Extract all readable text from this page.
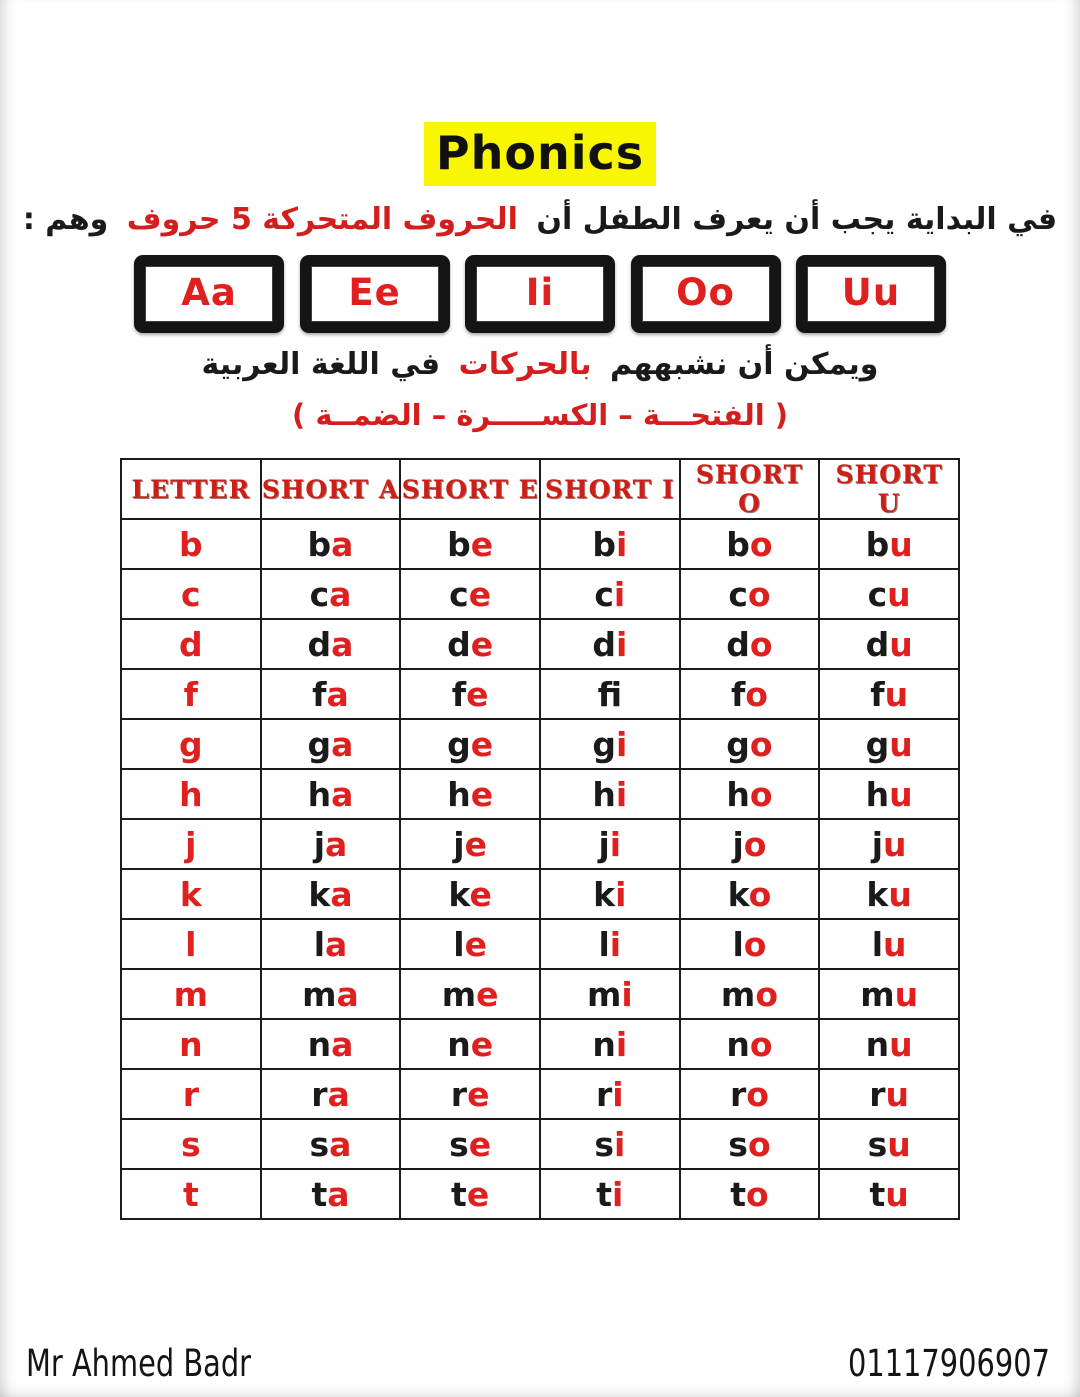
Phonics
في البداية يجب أن يعرف الطفل أن الحروف المتحركة 5 حروف وهم :
Aa	Ee	Ii	Oo	Uu
ويمكن أن نشبههم بالحركات في اللغة العربية
( الفتحـــة – الكســـــرة – الضمــة )
LETTER	SHORT A	SHORT E	SHORT I	SHORT O	SHORT U
b	ba	be	bi	bo	bu
c	ca	ce	ci	co	cu
d	da	de	di	do	du
f	fa	fe	f	fo	fu
g	ga	ge	gi	go	gu
h	ha	he	hi	ho	hu
j	ja	je	ji	jo	ju
k	ka	ke	ki	ko	ku
l	la	le	li	lo	lu
m	ma	me	mi	mo	mu
n	na	ne	ni	no	nu
r	ra	re	ri	ro	ru
s	sa	se	si	so	su
t	ta	te	ti	to	tu
Mr Ahmed Badr	01117906907
